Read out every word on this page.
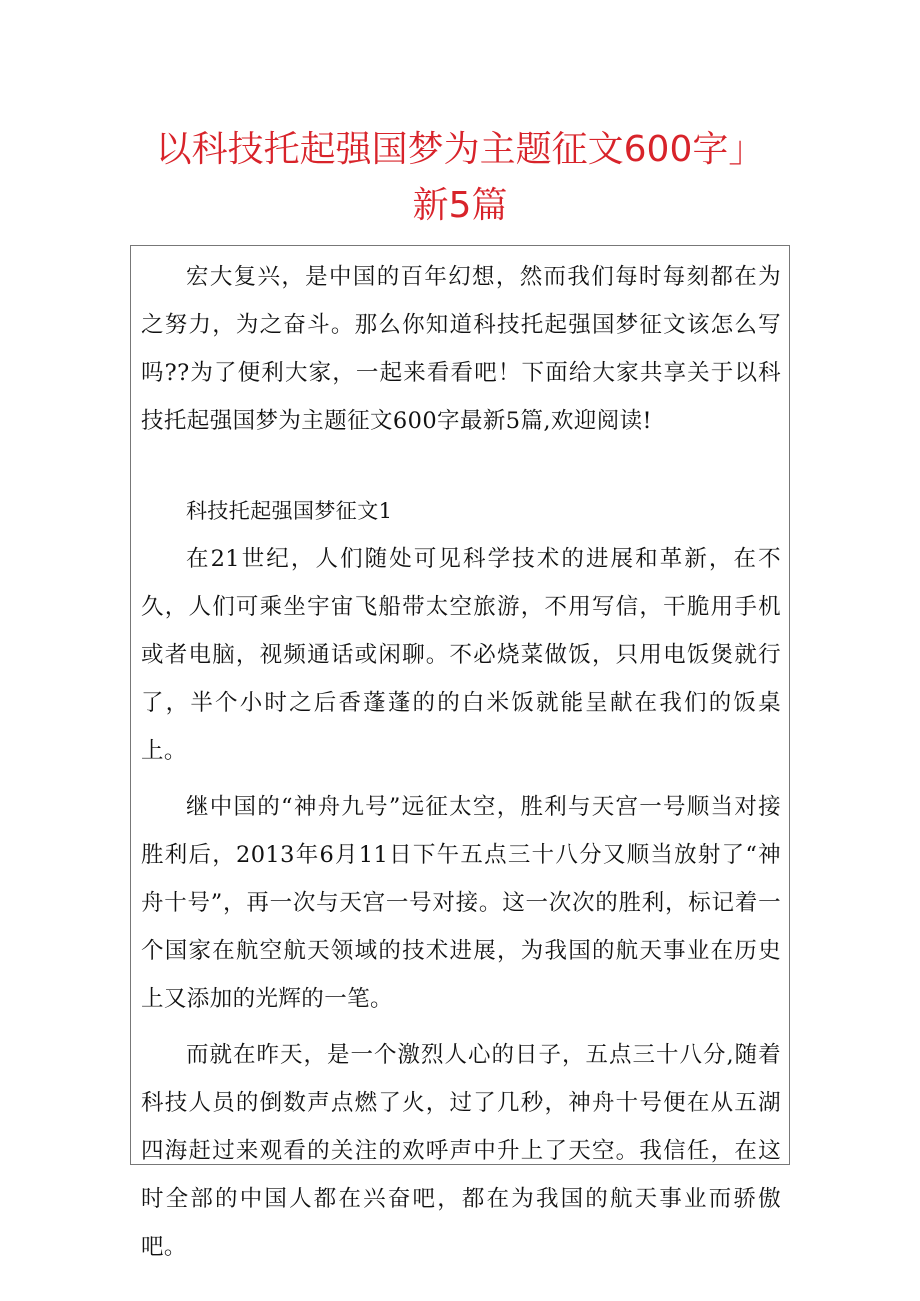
以科技托起强国梦为主题征文600字」
新5篇

宏大复兴，是中国的百年幻想，然而我们每时每刻都在为之努力，为之奋斗。那么你知道科技托起强国梦征文该怎么写吗??为了便利大家，一起来看看吧！下面给大家共享关于以科技托起强国梦为主题征文600字最新5篇,欢迎阅读!

科技托起强国梦征文1

在21世纪，人们随处可见科学技术的进展和革新，在不久，人们可乘坐宇宙飞船带太空旅游，不用写信，干脆用手机或者电脑，视频通话或闲聊。不必烧菜做饭，只用电饭煲就行了，半个小时之后香蓬蓬的的白米饭就能呈献在我们的饭桌上。

继中国的“神舟九号”远征太空，胜利与天宫一号顺当对接胜利后，2013年6月11日下午五点三十八分又顺当放射了“神舟十号”，再一次与天宫一号对接。这一次次的胜利，标记着一个国家在航空航天领域的技术进展，为我国的航天事业在历史上又添加的光辉的一笔。

而就在昨天，是一个激烈人心的日子，五点三十八分,随着科技人员的倒数声点燃了火，过了几秒，神舟十号便在从五湖四海赶过来观看的关注的欢呼声中升上了天空。我信任，在这时全部的中国人都在兴奋吧，都在为我国的航天事业而骄傲吧。
